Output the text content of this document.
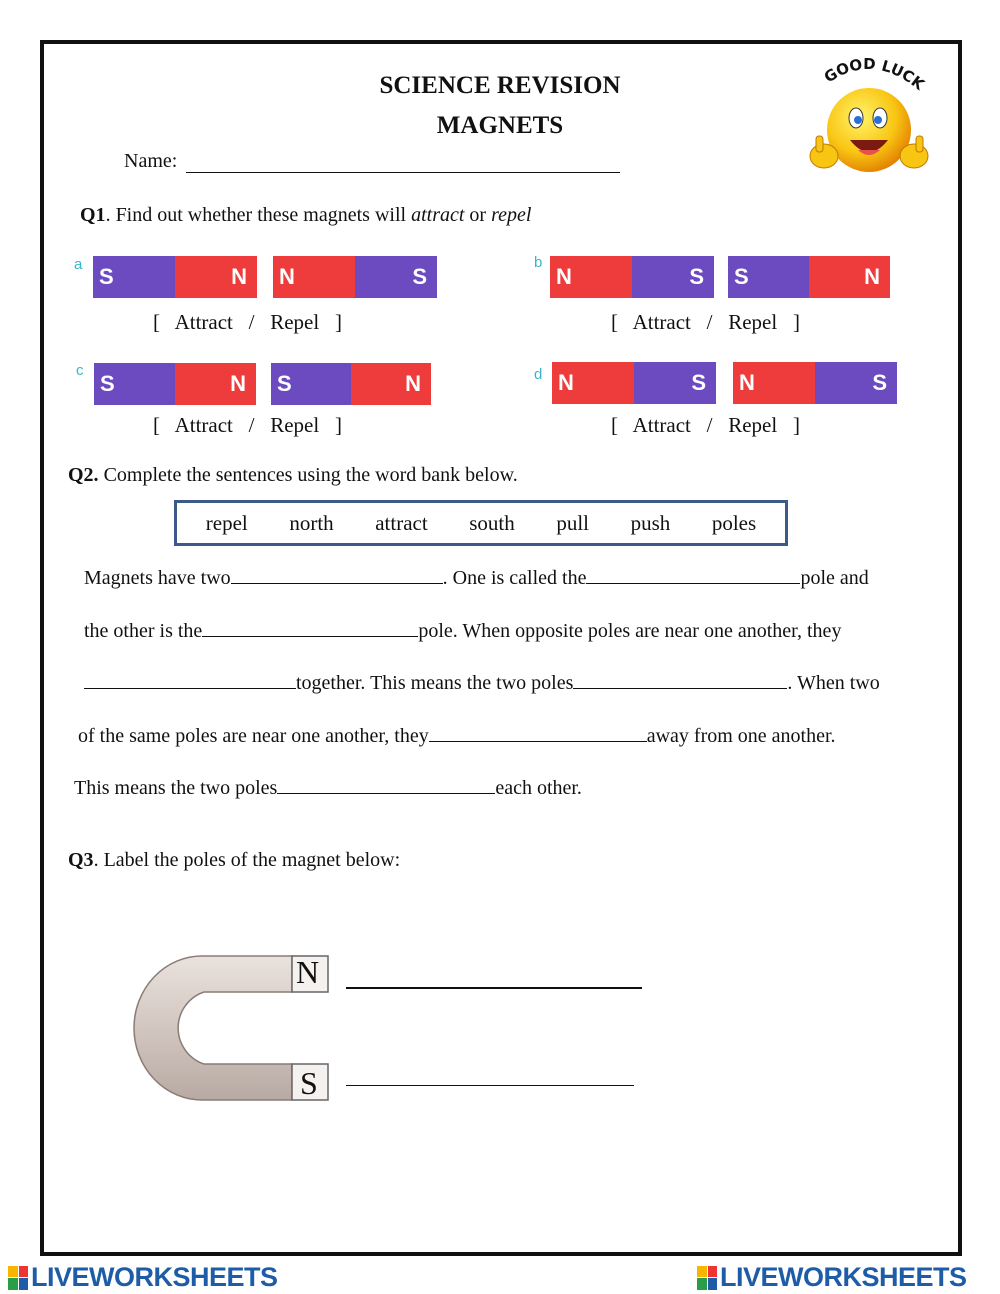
SCIENCE REVISION
MAGNETS
GOOD LUCK
Name:
Q1. Find out whether these magnets will attract or repel
a S	N	N	S
[   Attract   /   Repel   ]
b
N	S	S	N
[   Attract   /   Repel   ]
c
S	N	S	N
[   Attract   /   Repel   ]
d N	S	N	S
[   Attract   /   Repel   ]
Q2. Complete the sentences using the word bank below.
repel north attract south pull push poles
Magnets have two	. One is called the	pole and
the other is the	pole. When opposite poles are near one another, they
together. This means the two poles	. When two
of the same poles are near one another, they	away from one another.
This means the two poles	each other.
Q3. Label the poles of the magnet below:
N
S
LIVEWORKSHEETS	LIVEWORKSHEETS
